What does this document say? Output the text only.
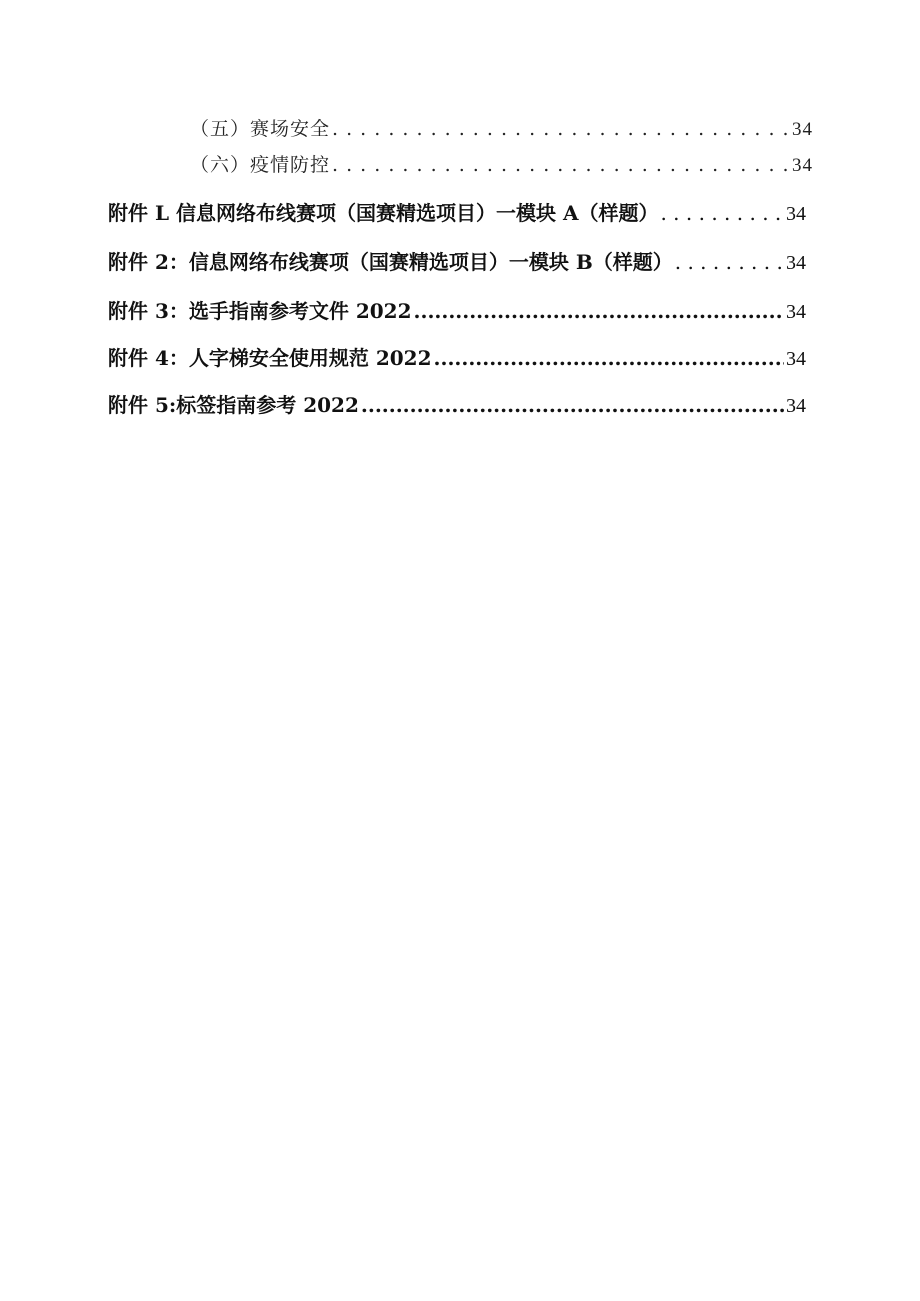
（五）赛场安全 . . .	34
（六）疫情防控 . . .	34
附件 L 信息网络布线赛项（国赛精选项目）一模块 A（样题） . . .	34
附件 2：信息网络布线赛项（国赛精选项目）一模块 B（样题） . . .	34
附件 3：选手指南参考文件 2022 .....	34
附件 4：人字梯安全使用规范 2022 .....	34
附件 5:标签指南参考 2022 .....	34
